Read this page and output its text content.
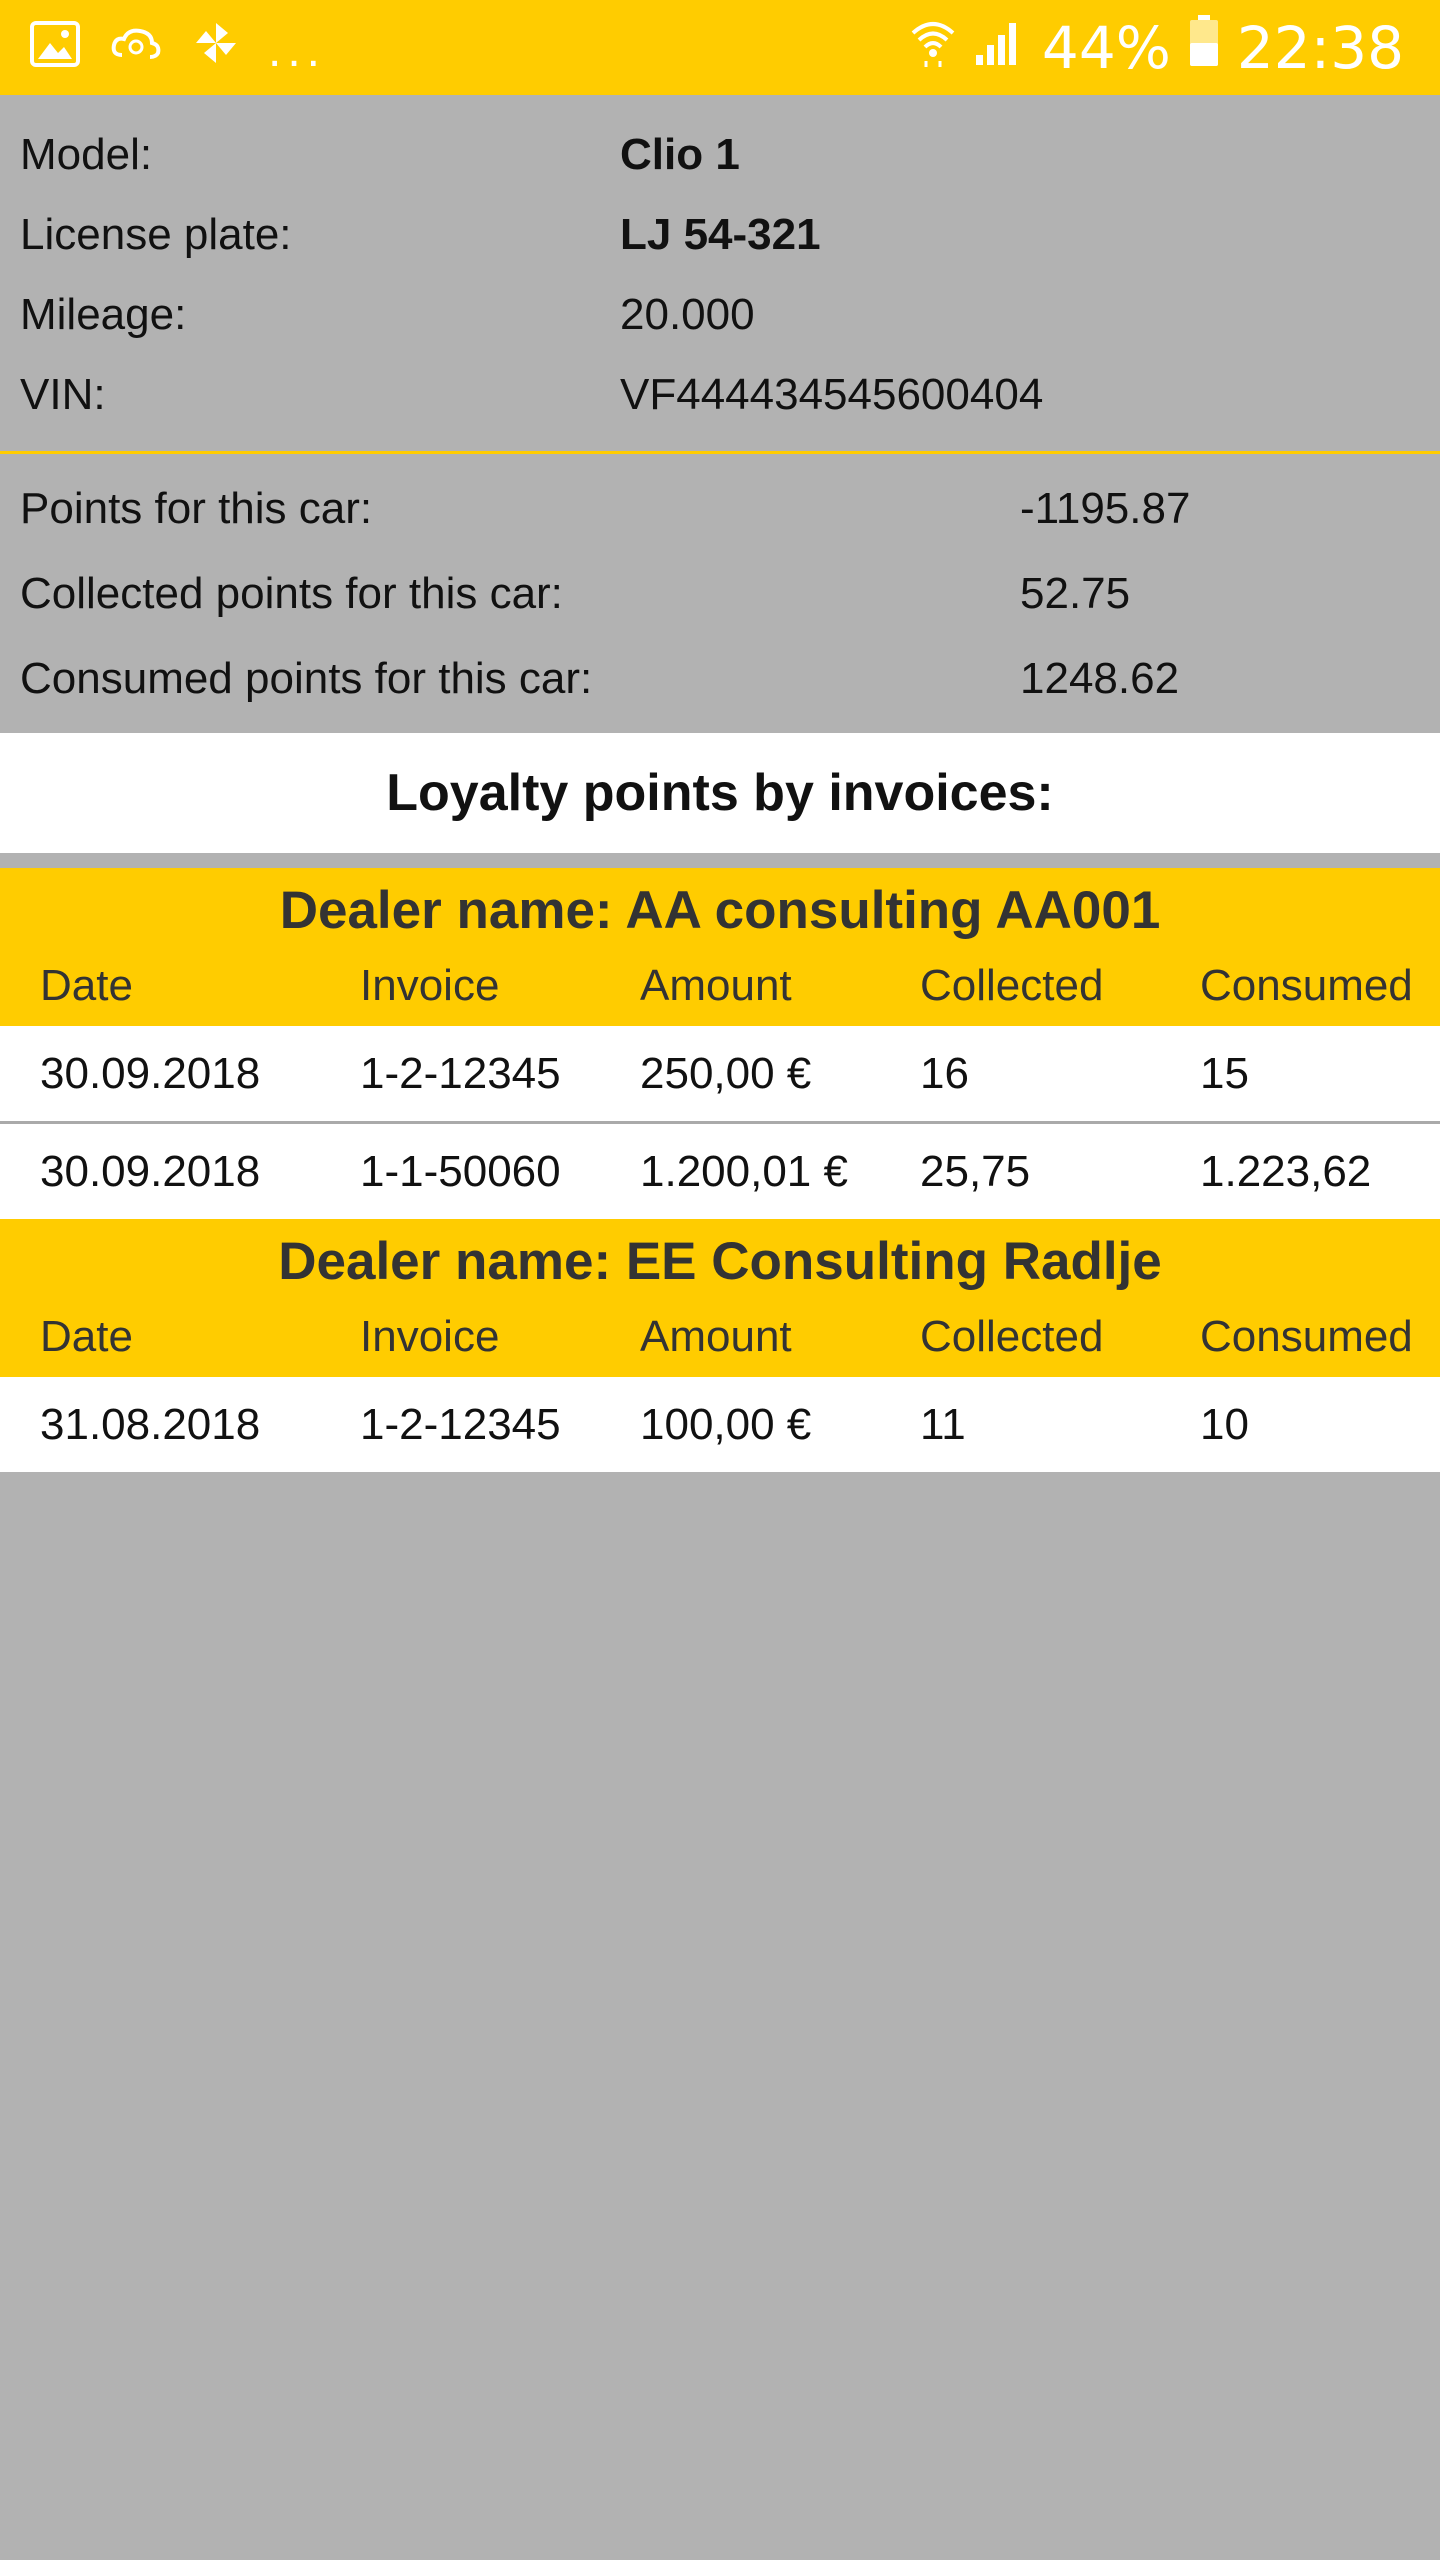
...	44% 22:38
Model:	Clio 1
License plate:	LJ 54-321
Mileage:	20.000
VIN:	VF444434545600404
Points for this car:	-1195.87
Collected points for this car:	52.75
Consumed points for this car:	1248.62
Loyalty points by invoices:
Dealer name: AA consulting AA001
Date	Invoice	Amount	Collected	Consumed
30.09.2018	1-2-12345	250,00 €	16	15
30.09.2018	1-1-50060	1.200,01 €	25,75	1.223,62
Dealer name: EE Consulting Radlje
Date	Invoice	Amount	Collected	Consumed
31.08.2018	1-2-12345	100,00 €	11	10
